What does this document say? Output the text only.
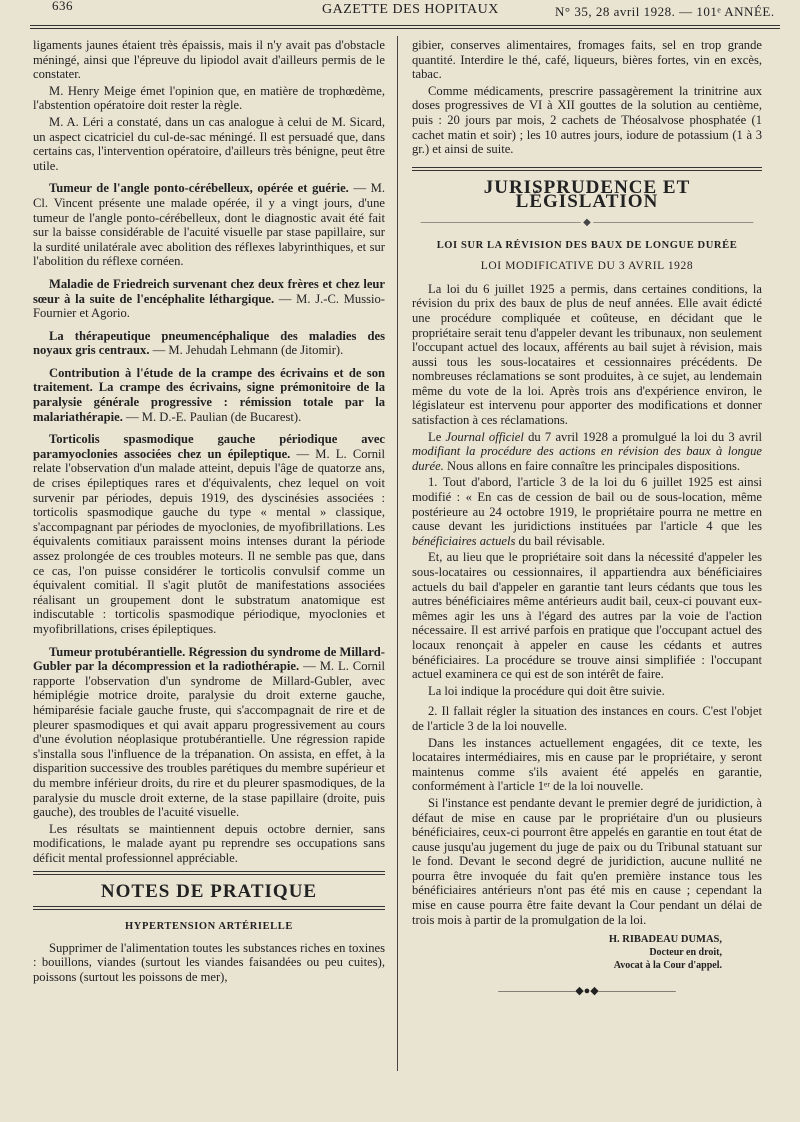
636	GAZETTE DES HOPITAUX	N° 35, 28 avril 1928. — 101ᵉ ANNÉE.

ligaments jaunes étaient très épaissis, mais il n'y avait pas d'obstacle méningé, ainsi que l'épreuve du lipiodol avait d'ailleurs permis de le constater.

M. Henry Meige émet l'opinion que, en matière de trophœdème, l'abstention opératoire doit rester la règle.

M. A. Léri a constaté, dans un cas analogue à celui de M. Sicard, un aspect cicatriciel du cul-de-sac méningé. Il est persuadé que, dans certains cas, l'intervention opératoire, d'ailleurs très bénigne, peut être utile.

Tumeur de l'angle ponto-cérébelleux, opérée et guérie. — M. Cl. Vincent présente une malade opérée, il y a vingt jours, d'une tumeur de l'angle ponto-cérébelleux, dont le diagnostic avait été fait sur la baisse considérable de l'acuité visuelle par stase papillaire, sur la surdité unilatérale avec abolition des réflexes labyrinthiques, et sur l'abolition du réflexe cornéen.

Maladie de Friedreich survenant chez deux frères et chez leur sœur à la suite de l'encéphalite léthargique. — M. J.-C. Mussio-Fournier et Agorio.

La thérapeutique pneumencéphalique des maladies des noyaux gris centraux. — M. Jehudah Lehmann (de Jitomir).

Contribution à l'étude de la crampe des écrivains et de son traitement. La crampe des écrivains, signe prémonitoire de la paralysie générale progressive : rémission totale par la malariathérapie. — M. D.-E. Paulian (de Bucarest).

Torticolis spasmodique gauche périodique avec paramyoclonies associées chez un épileptique. — M. L. Cornil relate l'observation d'un malade atteint, depuis l'âge de quatorze ans, de crises épileptiques rares et d'équivalents, chez lequel on voit survenir par périodes, depuis 1919, des dyscinésies associées : torticolis spasmodique gauche du type « mental » classique, s'accompagnant par périodes de myoclonies, de myofibrillations. Les équivalents comitiaux paraissent moins intenses durant la période assez prolongée de ces troubles moteurs. Il ne semble pas que, dans ce cas, l'on puisse considérer le torticolis convulsif comme un équivalent comitial. Il s'agit plutôt de manifestations associées réalisant un groupement dont le substratum anatomique est indiscutable : torticolis spasmodique périodique, myoclonies et myofibrillations, crises épileptiques.

Tumeur protubérantielle. Régression du syndrome de Millard-Gubler par la décompression et la radiothérapie. — M. L. Cornil rapporte l'observation d'un syndrome de Millard-Gubler, avec hémiplégie motrice droite, paralysie du droit externe gauche, hémiparésie faciale gauche fruste, qui s'accompagnait de rire et de pleurer spasmodiques et qui avait apparu progressivement au cours d'une évolution néoplasique protubérantielle. Une régression rapide s'installa sous l'influence de la trépanation. On assista, en effet, à la disparition successive des troubles parétiques du membre supérieur et du membre inférieur droits, du rire et du pleurer spasmodiques, de la paralysie du muscle droit externe, de la stase papillaire (droite, puis gauche), des troubles de l'acuité visuelle.

Les résultats se maintiennent depuis octobre dernier, sans modifications, le malade ayant pu reprendre ses occupations sans déficit mental professionnel appréciable.

NOTES DE PRATIQUE
HYPERTENSION ARTÉRIELLE

Supprimer de l'alimentation toutes les substances riches en toxines : bouillons, viandes (surtout les viandes faisandées ou peu cuites), poissons (surtout les poissons de mer),

gibier, conserves alimentaires, fromages faits, sel en trop grande quantité. Interdire le thé, café, liqueurs, bières fortes, vin en excès, tabac.

Comme médicaments, prescrire passagèrement la trinitrine aux doses progressives de VI à XII gouttes de la solution au centième, puis : 20 jours par mois, 2 cachets de Théosalvose phosphatée (1 cachet matin et soir) ; les 10 autres jours, iodure de potassium (1 à 3 gr.) et ainsi de suite.

JURISPRUDENCE ET LÉGISLATION
———————————————— ◆ ————————————————
LOI SUR LA RÉVISION DES BAUX DE LONGUE DURÉE
LOI MODIFICATIVE DU 3 AVRIL 1928

La loi du 6 juillet 1925 a permis, dans certaines conditions, la révision du prix des baux de plus de neuf années. Elle avait édicté une procédure compliquée et coûteuse, en décidant que le propriétaire serait tenu d'appeler devant les tribunaux, non seulement l'occupant actuel des locaux, afférents au bail sujet à révision, mais aussi tous les sous-locataires et cessionnaires précédents. De nombreuses réclamations se sont produites, à ce sujet, au lendemain même du vote de la loi. Après trois ans d'expérience environ, le législateur est intervenu pour apporter des modifications et donner satisfaction à ces réclamations.

Le Journal officiel du 7 avril 1928 a promulgué la loi du 3 avril modifiant la procédure des actions en révision des baux à longue durée. Nous allons en faire connaître les principales dispositions.

1. Tout d'abord, l'article 3 de la loi du 6 juillet 1925 est ainsi modifié : « En cas de cession de bail ou de sous-location, même postérieure au 24 octobre 1919, le propriétaire pourra ne mettre en cause devant les juridictions instituées par l'article 4 que les bénéficiaires actuels du bail révisable.

Et, au lieu que le propriétaire soit dans la nécessité d'appeler les sous-locataires ou cessionnaires, il appartiendra aux bénéficiaires actuels du bail d'appeler en garantie tant leurs cédants que tous les autres bénéficiaires même antérieurs audit bail, ceux-ci pouvant eux-mêmes agir les uns à l'égard des autres par la voie de l'action nécessaire. Il est arrivé parfois en pratique que l'occupant actuel des locaux renonçait à appeler en cause les cédants et autres bénéficiaires. La procédure se trouve ainsi simplifiée : l'occupant actuel examinera ce qui est de son intérêt de faire.

La loi indique la procédure qui doit être suivie.

2. Il fallait régler la situation des instances en cours. C'est l'objet de l'article 3 de la loi nouvelle.

Dans les instances actuellement engagées, dit ce texte, les locataires intermédiaires, mis en cause par le propriétaire, y seront maintenus comme s'ils avaient été appelés en garantie, conformément à l'article 1ᵉʳ de la loi nouvelle.

Si l'instance est pendante devant le premier degré de juridiction, à défaut de mise en cause par le propriétaire d'un ou plusieurs bénéficiaires, ceux-ci pourront être appelés en garantie en tout état de cause jusqu'au jugement du juge de paix ou du Tribunal statuant sur le fond. Devant le second degré de juridiction, aucune nullité ne pourra être invoquée du fait qu'en première instance tous les bénéficiaires antérieurs n'ont pas été mis en cause ; cependant la mise en cause pourra être faite devant la Cour pendant un délai de trois mois à partir de la promulgation de la loi.

H. RIBADEAU DUMAS,
Docteur en droit,
Avocat à la Cour d'appel.
———————◆●◆———————
